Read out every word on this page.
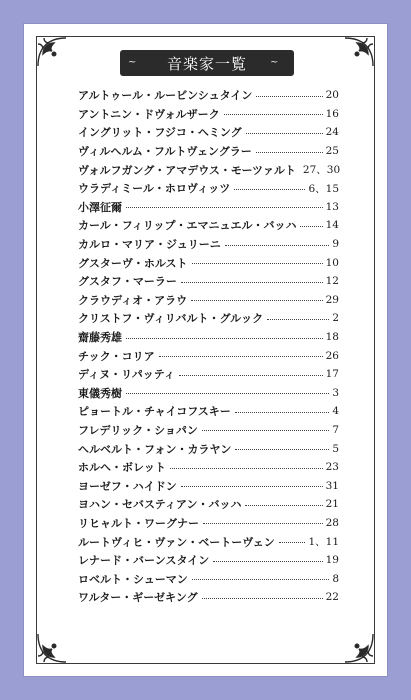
~	音楽家一覧 ~
アルトゥール・ルービンシュタイン	20
アントニン・ドヴォルザーク	16
イングリット・フジコ・ヘミング	24
ヴィルヘルム・フルトヴェングラー	25
ヴォルフガング・アマデウス・モーツァルト 27、30
ウラディミール・ホロヴィッツ	6、15
小澤征爾	13
カール・フィリップ・エマニュエル・バッハ	14
カルロ・マリア・ジュリーニ	9
グスターヴ・ホルスト	10
グスタフ・マーラー	12
クラウディオ・アラウ	29
クリストフ・ヴィリバルト・グルック	2
齋藤秀雄	18
チック・コリア	26
ディヌ・リパッティ	17
東儀秀樹	3
ピョートル・チャイコフスキー	4
フレデリック・ショパン	7
ヘルベルト・フォン・カラヤン	5
ホルヘ・ボレット	23
ヨーゼフ・ハイドン	31
ヨハン・セバスティアン・バッハ	21
リヒャルト・ワーグナー	28
ルートヴィヒ・ヴァン・ベートーヴェン	1、11
レナード・バーンスタイン	19
ロベルト・シューマン	8
ワルター・ギーゼキング	22
